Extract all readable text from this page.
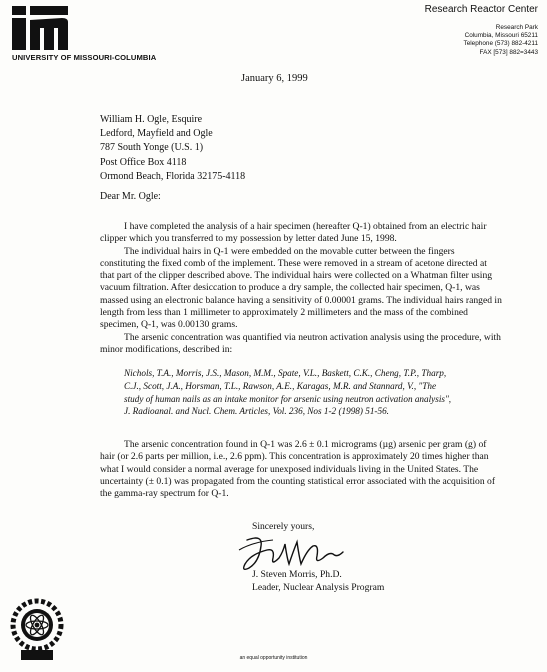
UNIVERSITY OF MISSOURI-COLUMBIA
Research Reactor Center
Research Park
Columbia, Missouri 65211
Telephone (573) 882-4211
FAX [573] 882=3443
January 6, 1999
William H. Ogle, Esquire
Ledford, Mayfield and Ogle
787 South Yonge (U.S. 1)
Post Office Box 4118
Ormond Beach, Florida 32175-4118
Dear Mr. Ogle:

I have completed the analysis of a hair specimen (hereafter Q-1) obtained from an electric hair clipper which you transferred to my possession by letter dated June 15, 1998.

The individual hairs in Q-1 were embedded on the movable cutter between the fingers constituting the fixed comb of the implement. These were removed in a stream of acetone directed at that part of the clipper described above. The individual hairs were collected on a Whatman filter using vacuum filtration. After desiccation to produce a dry sample, the collected hair specimen, Q-1, was massed using an electronic balance having a sensitivity of 0.00001 grams. The individual hairs ranged in length from less than 1 millimeter to approximately 2 millimeters and the mass of the combined specimen, Q-1, was 0.00130 grams.

The arsenic concentration was quantified via neutron activation analysis using the procedure, with minor modifications, described in:

Nichols, T.A., Morris, J.S., Mason, M.M., Spate, V.L., Baskett, C.K., Cheng, T.P., Tharp,
C.J., Scott, J.A., Horsman, T.L., Rawson, A.E., Karagas, M.R. and Stannard, V., "The
study of human nails as an intake monitor for arsenic using neutron activation analysis",
J. Radioanal. and Nucl. Chem. Articles, Vol. 236, Nos 1-2 (1998) 51-56.

The arsenic concentration found in Q-1 was 2.6 ± 0.1 micrograms (µg) arsenic per gram (g) of hair (or 2.6 parts per million, i.e., 2.6 ppm). This concentration is approximately 20 times higher than what I would consider a normal average for unexposed individuals living in the United States. The uncertainty (± 0.1) was propagated from the counting statistical error associated with the acquisition of the gamma-ray spectrum for Q-1.

Sincerely yours,
J. Steven Morris, Ph.D.
Leader, Nuclear Analysis Program
an equal opportunity institution
